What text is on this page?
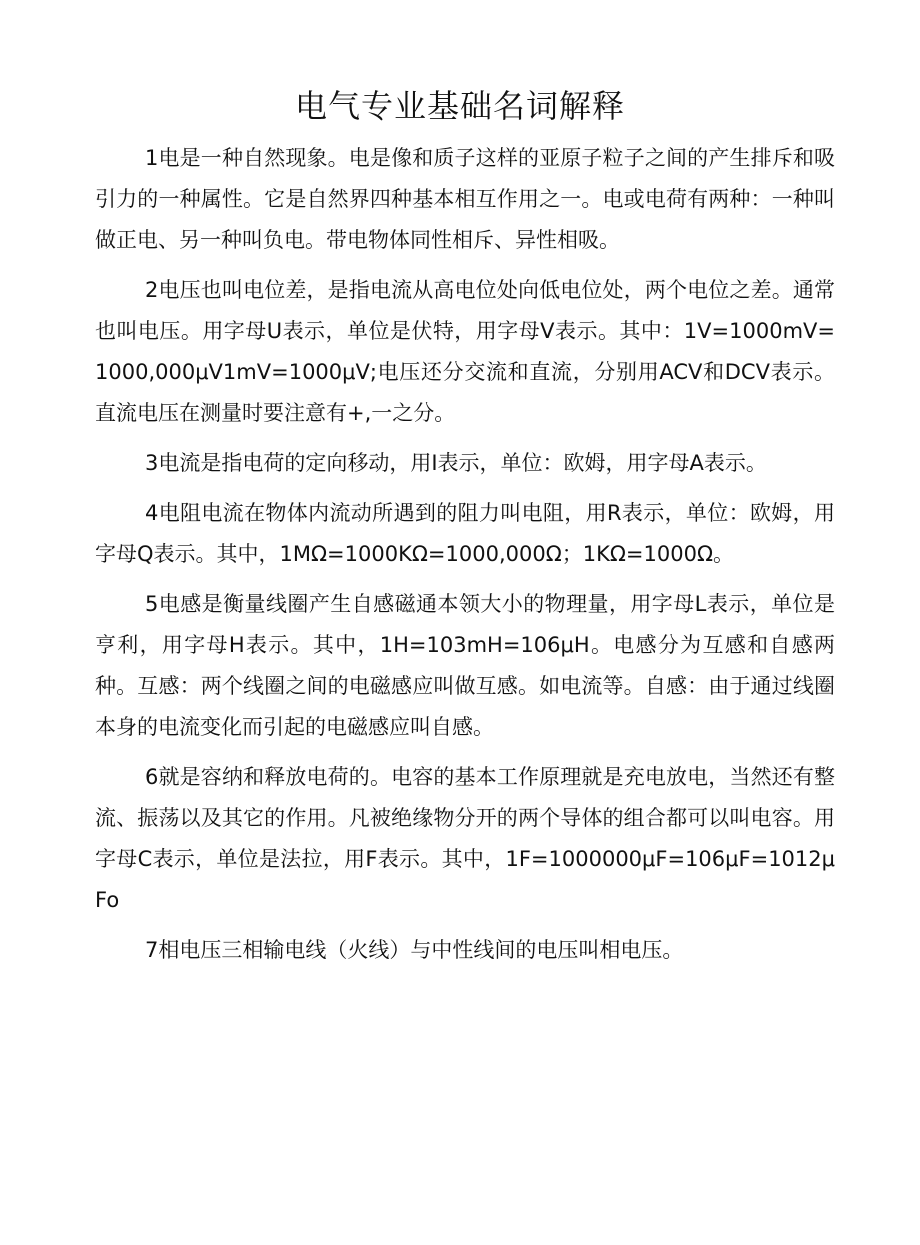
电气专业基础名词解释

1电是一种自然现象。电是像和质子这样的亚原子粒子之间的产生排斥和吸引力的一种属性。它是自然界四种基本相互作用之一。电或电荷有两种：一种叫做正电、另一种叫负电。带电物体同性相斥、异性相吸。

2电压也叫电位差，是指电流从高电位处向低电位处，两个电位之差。通常也叫电压。用字母U表示，单位是伏特，用字母V表示。其中：1V=1000mV=1000,000μV1mV=1000μV;电压还分交流和直流，分别用ACV和DCV表示。直流电压在测量时要注意有+,一之分。

3电流是指电荷的定向移动，用I表示，单位：欧姆，用字母A表示。

4电阻电流在物体内流动所遇到的阻力叫电阻，用R表示，单位：欧姆，用字母Q表示。其中，1MΩ=1000KΩ=1000,000Ω；1KΩ=1000Ω。

5电感是衡量线圈产生自感磁通本领大小的物理量，用字母L表示，单位是亨利，用字母H表示。其中，1H=103mH=106μH。电感分为互感和自感两种。互感：两个线圈之间的电磁感应叫做互感。如电流等。自感：由于通过线圈本身的电流变化而引起的电磁感应叫自感。

6就是容纳和释放电荷的。电容的基本工作原理就是充电放电，当然还有整流、振荡以及其它的作用。凡被绝缘物分开的两个导体的组合都可以叫电容。用字母C表示，单位是法拉，用F表示。其中，1F=1000000μF=106μF=1012μFo

7相电压三相输电线（火线）与中性线间的电压叫相电压。
